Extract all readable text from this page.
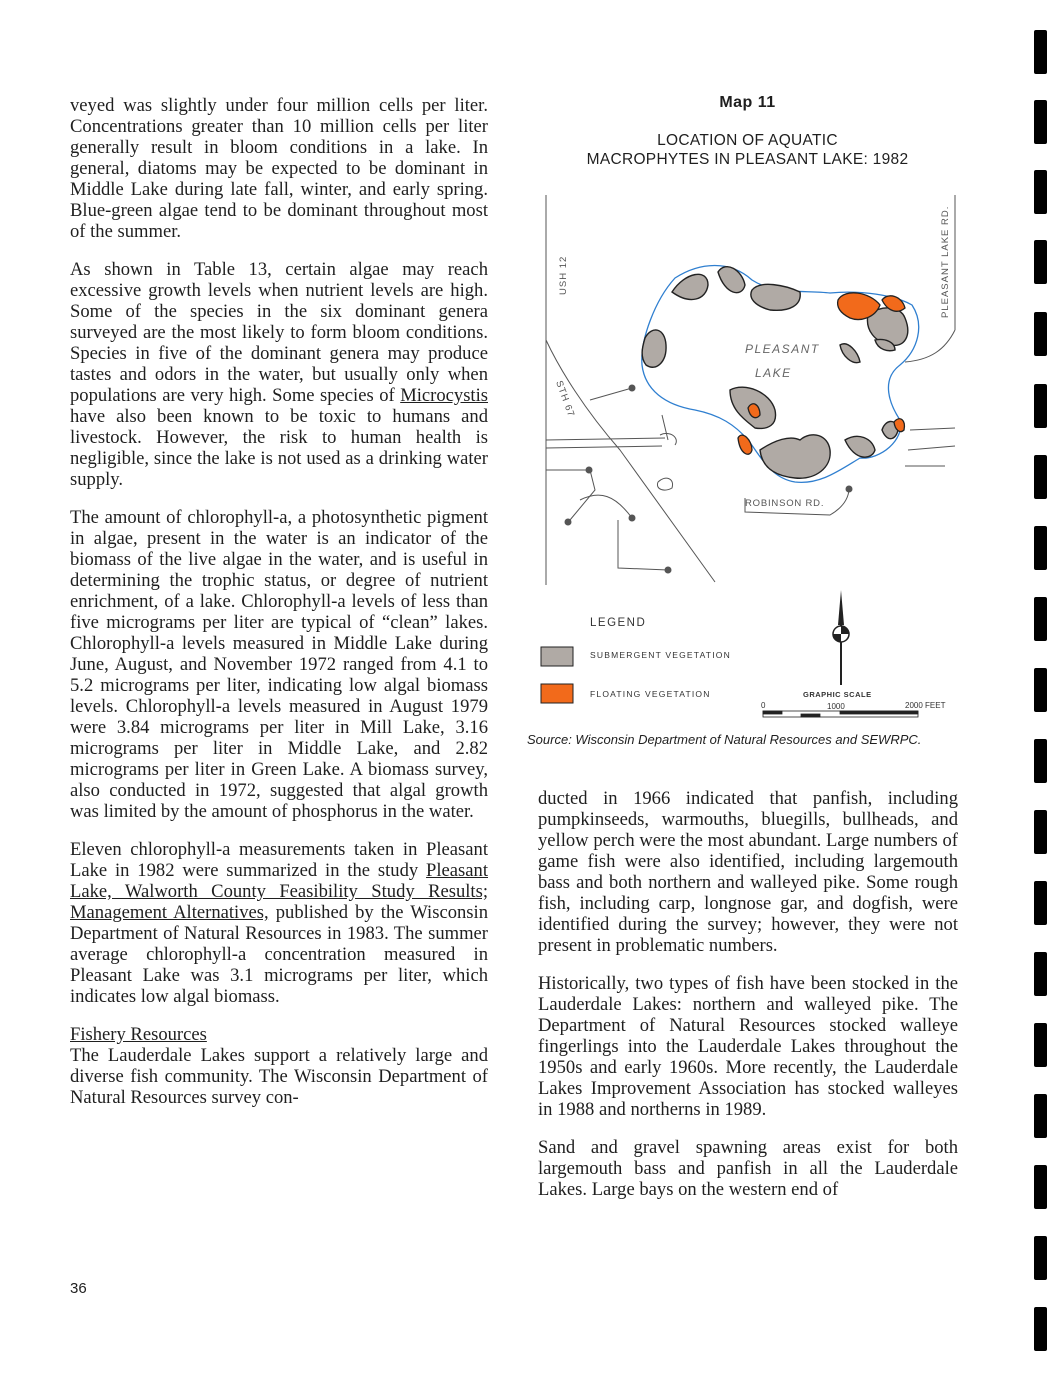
veyed was slightly under four million cells per liter. Concentrations greater than 10 million cells per liter generally result in bloom conditions in a lake. In general, diatoms may be expected to be dominant in Middle Lake during late fall, winter, and early spring. Blue-green algae tend to be dominant throughout most of the summer.

As shown in Table 13, certain algae may reach excessive growth levels when nutrient levels are high. Some of the species in the six dominant genera surveyed are the most likely to form bloom conditions. Species in five of the dominant genera may produce tastes and odors in the water, but usually only when populations are very high. Some species of Microcystis have also been known to be toxic to humans and livestock. However, the risk to human health is negligible, since the lake is not used as a drinking water supply.

The amount of chlorophyll-a, a photosynthetic pigment in algae, present in the water is an indicator of the biomass of the live algae in the water, and is useful in determining the trophic status, or degree of nutrient enrichment, of a lake. Chlorophyll-a levels of less than five micrograms per liter are typical of “clean” lakes. Chlorophyll-a levels measured in Middle Lake during June, August, and November 1972 ranged from 4.1 to 5.2 micrograms per liter, indicating low algal biomass levels. Chlorophyll-a levels measured in August 1979 were 3.84 micrograms per liter in Mill Lake, 3.16 micrograms per liter in Middle Lake, and 2.82 micrograms per liter in Green Lake. A biomass survey, also conducted in 1972, suggested that algal growth was limited by the amount of phosphorus in the water.

Eleven chlorophyll-a measurements taken in Pleasant Lake in 1982 were summarized in the study Pleasant Lake, Walworth County Feasibility Study Results; Management Alternatives, published by the Wisconsin Department of Natural Resources in 1983. The summer average chlorophyll-a concentration measured in Pleasant Lake was 3.1 micrograms per liter, which indicates low algal biomass.

Fishery Resources
The Lauderdale Lakes support a relatively large and diverse fish community. The Wisconsin Department of Natural Resources survey con-
Map 11
LOCATION OF AQUATIC
MACROPHYTES IN PLEASANT LAKE: 1982
USH 12
STH 67
PLEASANT LAKE RD.
PLEASANT
LAKE
ROBINSON RD.
LEGEND
SUBMERGENT VEGETATION
FLOATING VEGETATION	GRAPHIC SCALE
0	1000	2000 FEET
Source: Wisconsin Department of Natural Resources and SEWRPC.

ducted in 1966 indicated that panfish, including pumpkinseeds, warmouths, bluegills, bullheads, and yellow perch were the most abundant. Large numbers of game fish were also identified, including largemouth bass and both northern and walleyed pike. Some rough fish, including carp, longnose gar, and dogfish, were identified during the survey; however, they were not present in problematic numbers.

Historically, two types of fish have been stocked in the Lauderdale Lakes: northern and walleyed pike. The Department of Natural Resources stocked walleye fingerlings into the Lauderdale Lakes throughout the 1950s and early 1960s. More recently, the Lauderdale Lakes Improvement Association has stocked walleyes in 1988 and northerns in 1989.

Sand and gravel spawning areas exist for both largemouth bass and panfish in all the Lauderdale Lakes. Large bays on the western end of

36
